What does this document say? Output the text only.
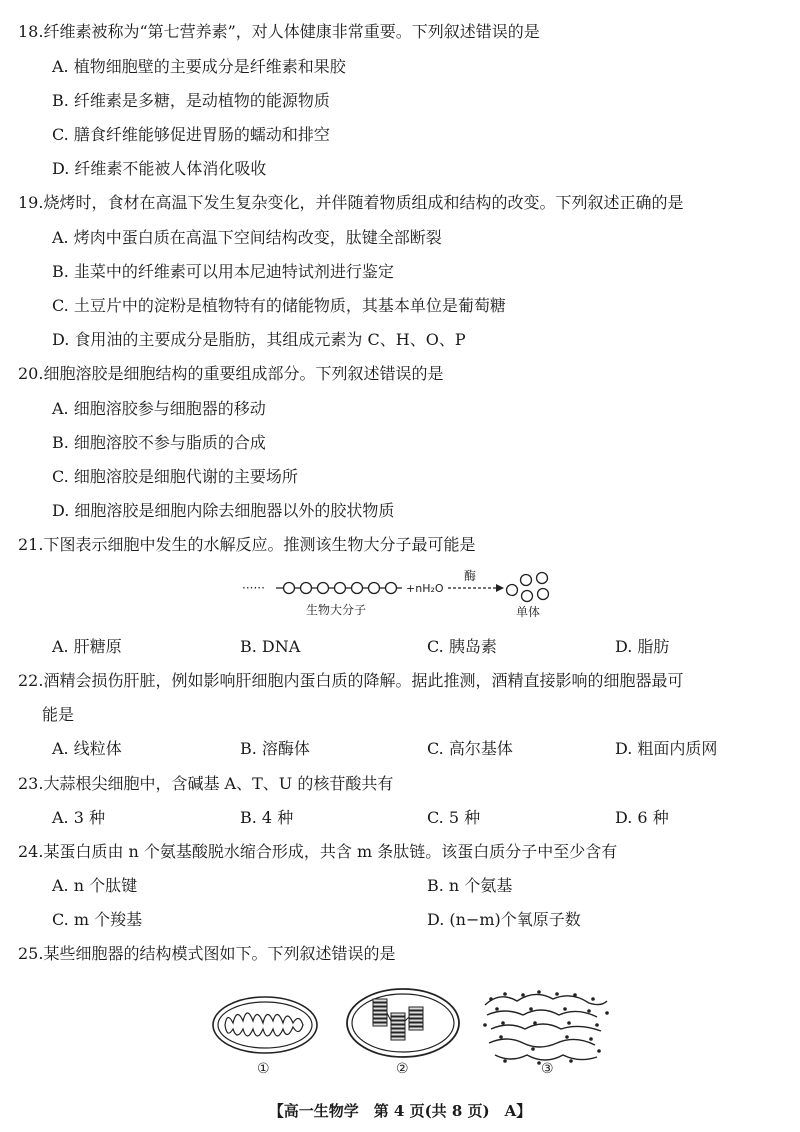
18.纤维素被称为“第七营养素”，对人体健康非常重要。下列叙述错误的是
A. 植物细胞壁的主要成分是纤维素和果胶
B. 纤维素是多糖，是动植物的能源物质
C. 膳食纤维能够促进胃肠的蠕动和排空
D. 纤维素不能被人体消化吸收
19.烧烤时，食材在高温下发生复杂变化，并伴随着物质组成和结构的改变。下列叙述正确的是
A. 烤肉中蛋白质在高温下空间结构改变，肽键全部断裂
B. 韭菜中的纤维素可以用本尼迪特试剂进行鉴定
C. 土豆片中的淀粉是植物特有的储能物质，其基本单位是葡萄糖
D. 食用油的主要成分是脂肪，其组成元素为 C、H、O、P
20.细胞溶胶是细胞结构的重要组成部分。下列叙述错误的是
A. 细胞溶胶参与细胞器的移动
B. 细胞溶胶不参与脂质的合成
C. 细胞溶胶是细胞代谢的主要场所
D. 细胞溶胶是细胞内除去细胞器以外的胶状物质
21.下图表示细胞中发生的水解反应。推测该生物大分子最可能是
······	+nH₂O
酶
生物大分子	单体
A. 肝糖原	B. DNA	C. 胰岛素	D. 脂肪
22.酒精会损伤肝脏，例如影响肝细胞内蛋白质的降解。据此推测，酒精直接影响的细胞器最可
能是
A. 线粒体	B. 溶酶体	C. 高尔基体	D. 粗面内质网
23.大蒜根尖细胞中，含碱基 A、T、U 的核苷酸共有
A. 3 种	B. 4 种	C. 5 种	D. 6 种
24.某蛋白质由 n 个氨基酸脱水缩合形成，共含 m 条肽链。该蛋白质分子中至少含有
A. n 个肽键	B. n 个氨基
C. m 个羧基	D. (n−m)个氧原子数
25.某些细胞器的结构模式图如下。下列叙述错误的是
①	②	③
【高一生物学　第 4 页(共 8 页)　A】
